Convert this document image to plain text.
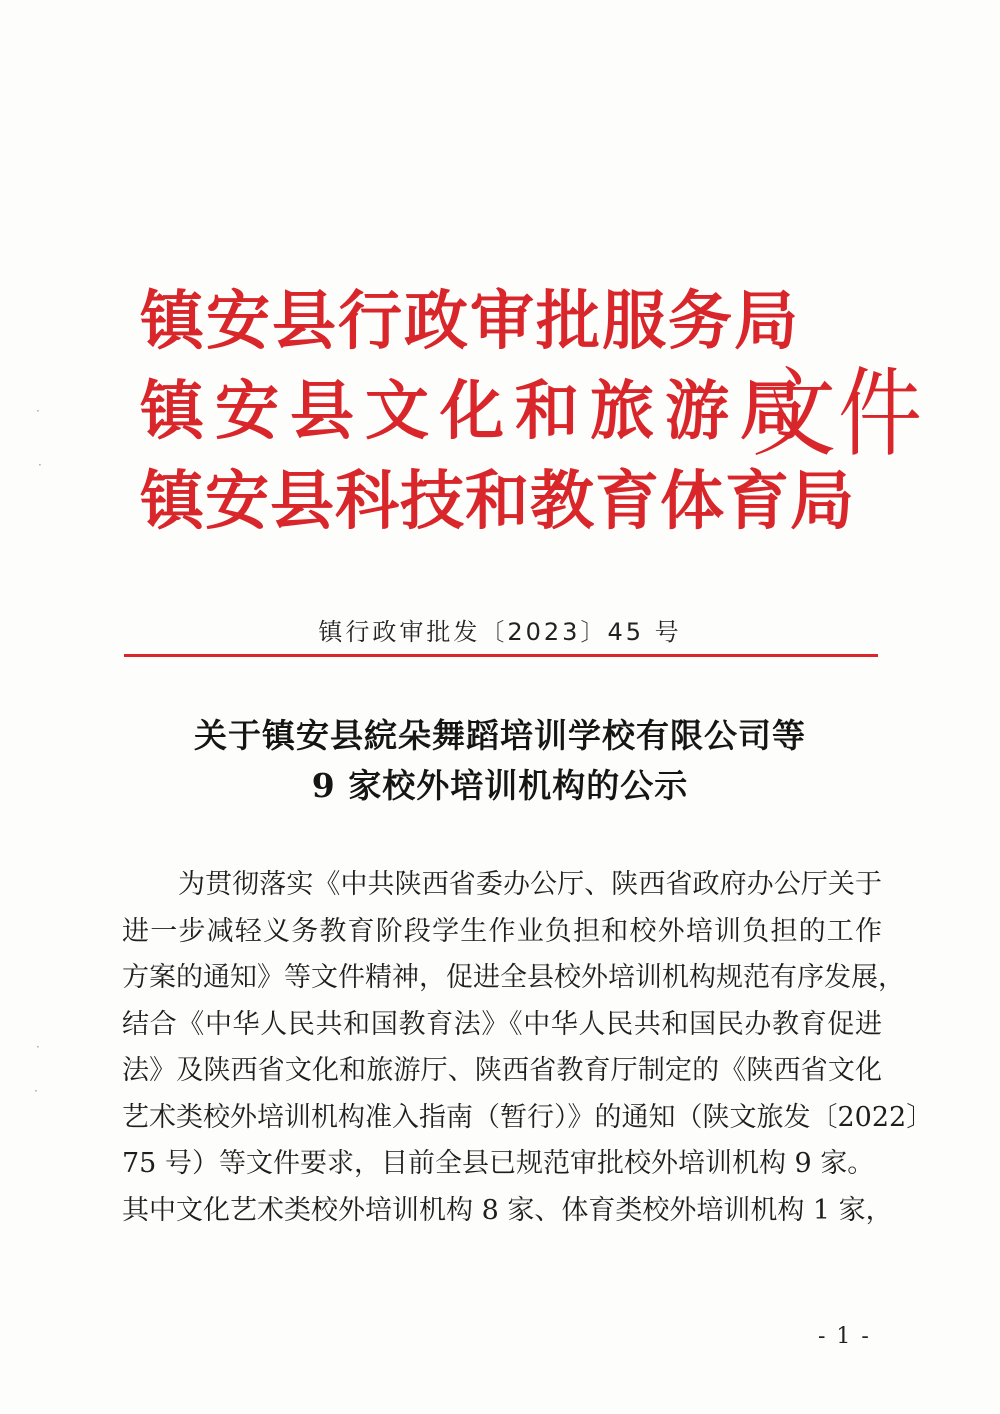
·
·
·
·
镇安县行政审批服务局
镇安县文化和旅游局
镇安县科技和教育体育局
文件
镇行政审批发〔2023〕45 号
关于镇安县綄朵舞蹈培训学校有限公司等
9 家校外培训机构的公示
为贯彻落实《中共陕西省委办公厅、陕西省政府办公厅关于
进一步减轻义务教育阶段学生作业负担和校外培训负担的工作
方案的通知》等文件精神，促进全县校外培训机构规范有序发展，
结合《中华人民共和国教育法》《中华人民共和国民办教育促进
法》及陕西省文化和旅游厅、陕西省教育厅制定的《陕西省文化
艺术类校外培训机构准入指南（暂行）》的通知（陕文旅发〔2022〕
75 号）等文件要求，目前全县已规范审批校外培训机构 9 家。
其中文化艺术类校外培训机构 8 家、体育类校外培训机构 1 家，
- 1 -
